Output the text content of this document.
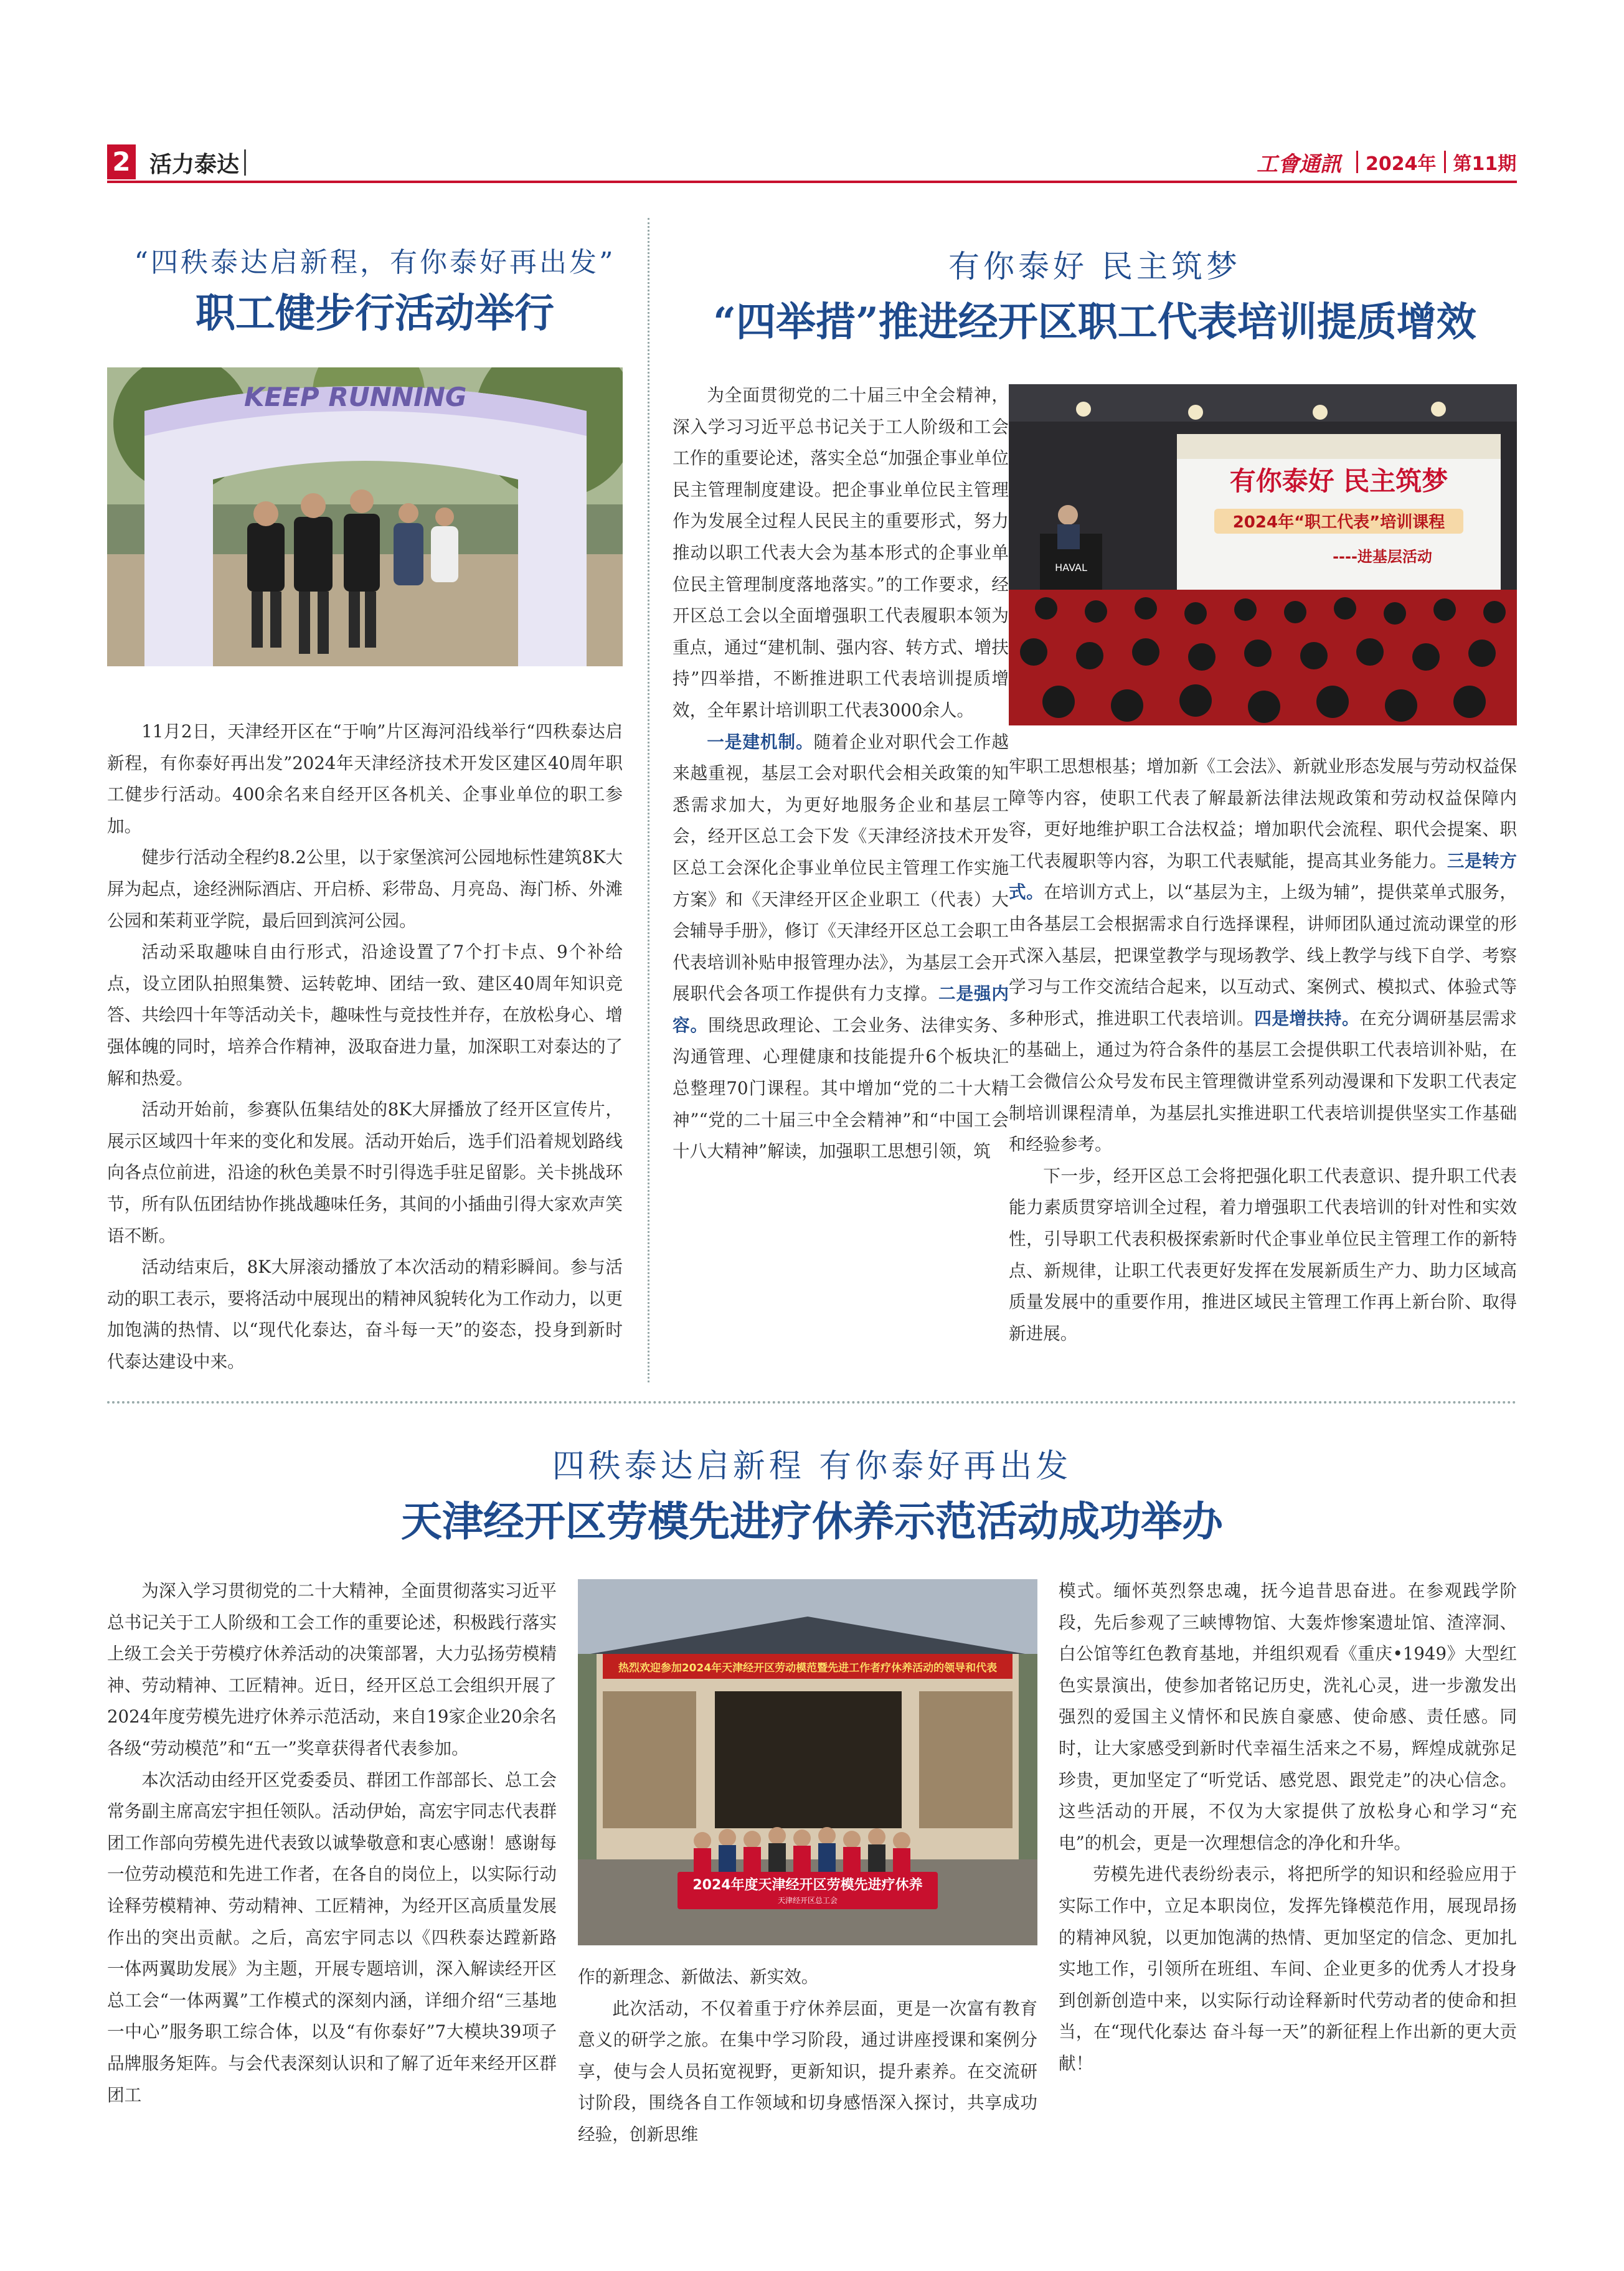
2 活力泰达	工會通訊	2024年 第11期
“四秩泰达启新程，有你泰好再出发”
职工健步行活动举行
KEEP RUNNING

11月2日，天津经开区在“于响”片区海河沿线举行“四秩泰达启新程，有你泰好再出发”2024年天津经济技术开发区建区40周年职工健步行活动。400余名来自经开区各机关、企事业单位的职工参加。

健步行活动全程约8.2公里，以于家堡滨河公园地标性建筑8K大屏为起点，途经洲际酒店、开启桥、彩带岛、月亮岛、海门桥、外滩公园和茱莉亚学院，最后回到滨河公园。

活动采取趣味自由行形式，沿途设置了7个打卡点、9个补给点，设立团队拍照集赞、运转乾坤、团结一致、建区40周年知识竞答、共绘四十年等活动关卡，趣味性与竞技性并存，在放松身心、增强体魄的同时，培养合作精神，汲取奋进力量，加深职工对泰达的了解和热爱。

活动开始前，参赛队伍集结处的8K大屏播放了经开区宣传片，展示区域四十年来的变化和发展。活动开始后，选手们沿着规划路线向各点位前进，沿途的秋色美景不时引得选手驻足留影。关卡挑战环节，所有队伍团结协作挑战趣味任务，其间的小插曲引得大家欢声笑语不断。

活动结束后，8K大屏滚动播放了本次活动的精彩瞬间。参与活动的职工表示，要将活动中展现出的精神风貌转化为工作动力，以更加饱满的热情、以“现代化泰达，奋斗每一天”的姿态，投身到新时代泰达建设中来。

有你泰好 民主筑梦
“四举措”推进经开区职工代表培训提质增效

为全面贯彻党的二十届三中全会精神，深入学习习近平总书记关于工人阶级和工会工作的重要论述，落实全总“加强企事业单位民主管理制度建设。把企事业单位民主管理作为发展全过程人民民主的重要形式，努力推动以职工代表大会为基本形式的企事业单位民主管理制度落地落实。”的工作要求，经开区总工会以全面增强职工代表履职本领为重点，通过“建机制、强内容、转方式、增扶持”四举措，不断推进职工代表培训提质增效，全年累计培训职工代表3000余人。

一是建机制。随着企业对职代会工作越来越重视，基层工会对职代会相关政策的知悉需求加大，为更好地服务企业和基层工会，经开区总工会下发《天津经济技术开发区总工会深化企事业单位民主管理工作实施方案》和《天津经开区企业职工（代表）大会辅导手册》，修订《天津经开区总工会职工代表培训补贴申报管理办法》，为基层工会开展职代会各项工作提供有力支撑。二是强内容。围绕思政理论、工会业务、法律实务、沟通管理、心理健康和技能提升6个板块汇总整理70门课程。其中增加“党的二十大精神”“党的二十届三中全会精神”和“中国工会十八大精神”解读，加强职工思想引领，筑

有你泰好 民主筑梦
2024年“职工代表”培训课程
----进基层活动
HAVAL

牢职工思想根基；增加新《工会法》、新就业形态发展与劳动权益保障等内容，使职工代表了解最新法律法规政策和劳动权益保障内容，更好地维护职工合法权益；增加职代会流程、职代会提案、职工代表履职等内容，为职工代表赋能，提高其业务能力。三是转方式。在培训方式上，以“基层为主，上级为辅”，提供菜单式服务，由各基层工会根据需求自行选择课程，讲师团队通过流动课堂的形式深入基层，把课堂教学与现场教学、线上教学与线下自学、考察学习与工作交流结合起来，以互动式、案例式、模拟式、体验式等多种形式，推进职工代表培训。四是增扶持。在充分调研基层需求的基础上，通过为符合条件的基层工会提供职工代表培训补贴，在工会微信公众号发布民主管理微讲堂系列动漫课和下发职工代表定制培训课程清单，为基层扎实推进职工代表培训提供坚实工作基础和经验参考。

下一步，经开区总工会将把强化职工代表意识、提升职工代表能力素质贯穿培训全过程，着力增强职工代表培训的针对性和实效性，引导职工代表积极探索新时代企事业单位民主管理工作的新特点、新规律，让职工代表更好发挥在发展新质生产力、助力区域高质量发展中的重要作用，推进区域民主管理工作再上新台阶、取得新进展。

四秩泰达启新程 有你泰好再出发
天津经开区劳模先进疗休养示范活动成功举办

为深入学习贯彻党的二十大精神，全面贯彻落实习近平总书记关于工人阶级和工会工作的重要论述，积极践行落实上级工会关于劳模疗休养活动的决策部署，大力弘扬劳模精神、劳动精神、工匠精神。近日，经开区总工会组织开展了2024年度劳模先进疗休养示范活动，来自19家企业20余名各级“劳动模范”和“五一”奖章获得者代表参加。

本次活动由经开区党委委员、群团工作部部长、总工会常务副主席高宏宇担任领队。活动伊始，高宏宇同志代表群团工作部向劳模先进代表致以诚挚敬意和衷心感谢！感谢每一位劳动模范和先进工作者，在各自的岗位上，以实际行动诠释劳模精神、劳动精神、工匠精神，为经开区高质量发展作出的突出贡献。之后，高宏宇同志以《四秩泰达蹚新路 一体两翼助发展》为主题，开展专题培训，深入解读经开区总工会“一体两翼”工作模式的深刻内涵，详细介绍“三基地一中心”服务职工综合体，以及“有你泰好”7大模块39项子品牌服务矩阵。与会代表深刻认识和了解了近年来经开区群团工

热烈欢迎参加2024年天津经开区劳动模范暨先进工作者疗休养活动的领导和代表
2024年度天津经开区劳模先进疗休养
天津经开区总工会

作的新理念、新做法、新实效。

此次活动，不仅着重于疗休养层面，更是一次富有教育意义的研学之旅。在集中学习阶段，通过讲座授课和案例分享，使与会人员拓宽视野，更新知识，提升素养。在交流研讨阶段，围绕各自工作领域和切身感悟深入探讨，共享成功经验，创新思维

模式。缅怀英烈祭忠魂，抚今追昔思奋进。在参观践学阶段，先后参观了三峡博物馆、大轰炸惨案遗址馆、渣滓洞、白公馆等红色教育基地，并组织观看《重庆•1949》大型红色实景演出，使参加者铭记历史，洗礼心灵，进一步激发出强烈的爱国主义情怀和民族自豪感、使命感、责任感。同时，让大家感受到新时代幸福生活来之不易，辉煌成就弥足珍贵，更加坚定了“听党话、感党恩、跟党走”的决心信念。这些活动的开展，不仅为大家提供了放松身心和学习“充电”的机会，更是一次理想信念的净化和升华。

劳模先进代表纷纷表示，将把所学的知识和经验应用于实际工作中，立足本职岗位，发挥先锋模范作用，展现昂扬的精神风貌，以更加饱满的热情、更加坚定的信念、更加扎实地工作，引领所在班组、车间、企业更多的优秀人才投身到创新创造中来，以实际行动诠释新时代劳动者的使命和担当，在“现代化泰达 奋斗每一天”的新征程上作出新的更大贡献！
